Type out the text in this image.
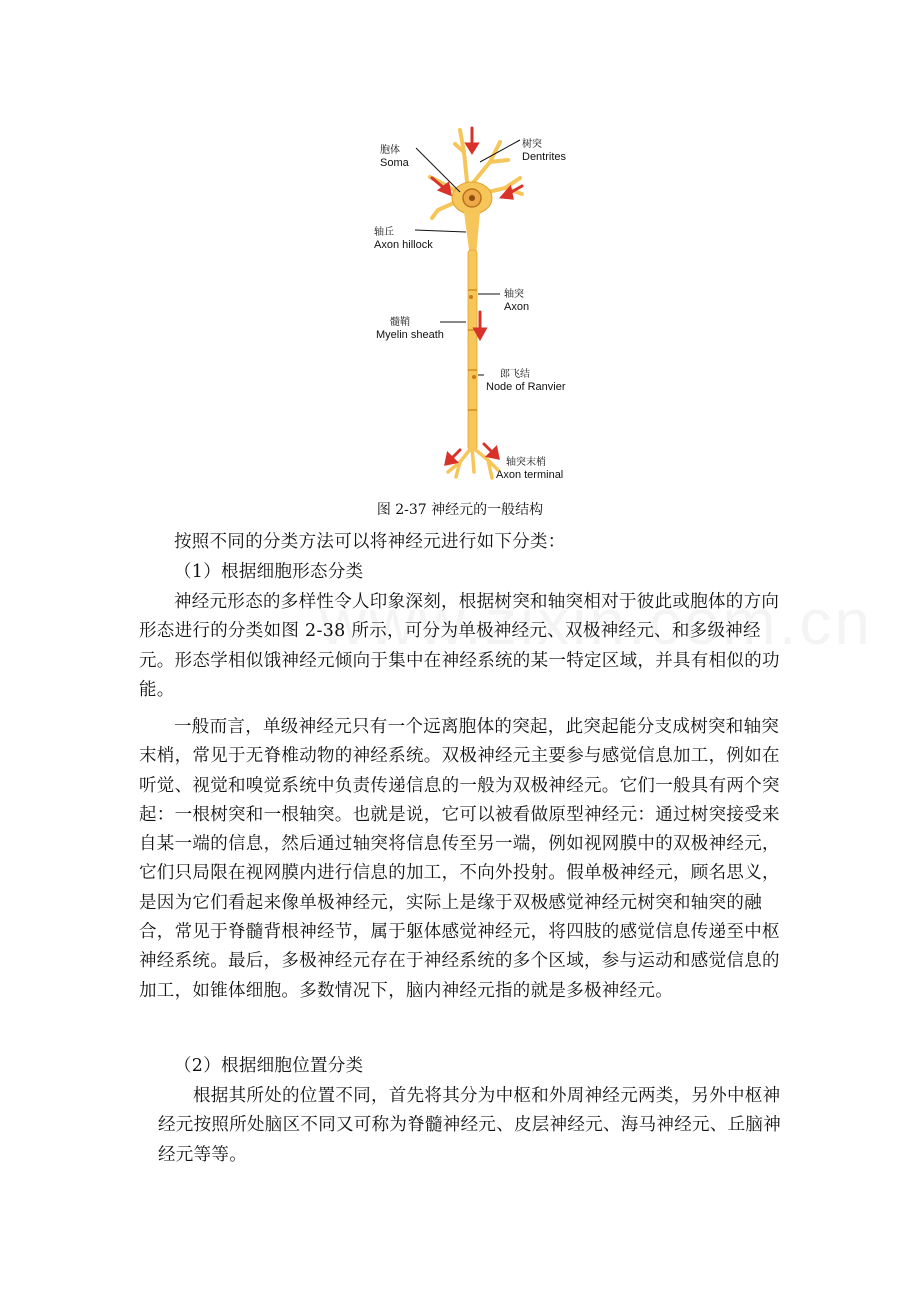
胞体
Soma
树突
Dentrites
轴丘
Axon hillock
轴突
Axon
髓鞘
Myelin sheath
郎飞结
Node of Ranvier
轴突末梢
Axon terminal
图 2-37 神经元的一般结构
按照不同的分类方法可以将神经元进行如下分类：
（1）根据细胞形态分类
神经元形态的多样性令人印象深刻，根据树突和轴突相对于彼此或胞体的方向形态进行的分类如图 2-38 所示，可分为单极神经元、双极神经元、和多级神经元。形态学相似饿神经元倾向于集中在神经系统的某一特定区域，并具有相似的功能。
一般而言，单级神经元只有一个远离胞体的突起，此突起能分支成树突和轴突末梢，常见于无脊椎动物的神经系统。双极神经元主要参与感觉信息加工，例如在听觉、视觉和嗅觉系统中负责传递信息的一般为双极神经元。它们一般具有两个突起：一根树突和一根轴突。也就是说，它可以被看做原型神经元：通过树突接受来自某一端的信息，然后通过轴突将信息传至另一端，例如视网膜中的双极神经元，它们只局限在视网膜内进行信息的加工，不向外投射。假单极神经元，顾名思义，是因为它们看起来像单极神经元，实际上是缘于双极感觉神经元树突和轴突的融合，常见于脊髓背根神经节，属于躯体感觉神经元，将四肢的感觉信息传递至中枢神经系统。最后，多极神经元存在于神经系统的多个区域，参与运动和感觉信息的加工，如锥体细胞。多数情况下，脑内神经元指的就是多极神经元。
（2）根据细胞位置分类
根据其所处的位置不同，首先将其分为中枢和外周神经元两类，另外中枢神经元按照所处脑区不同又可称为脊髓神经元、皮层神经元、海马神经元、丘脑神经元等等。
